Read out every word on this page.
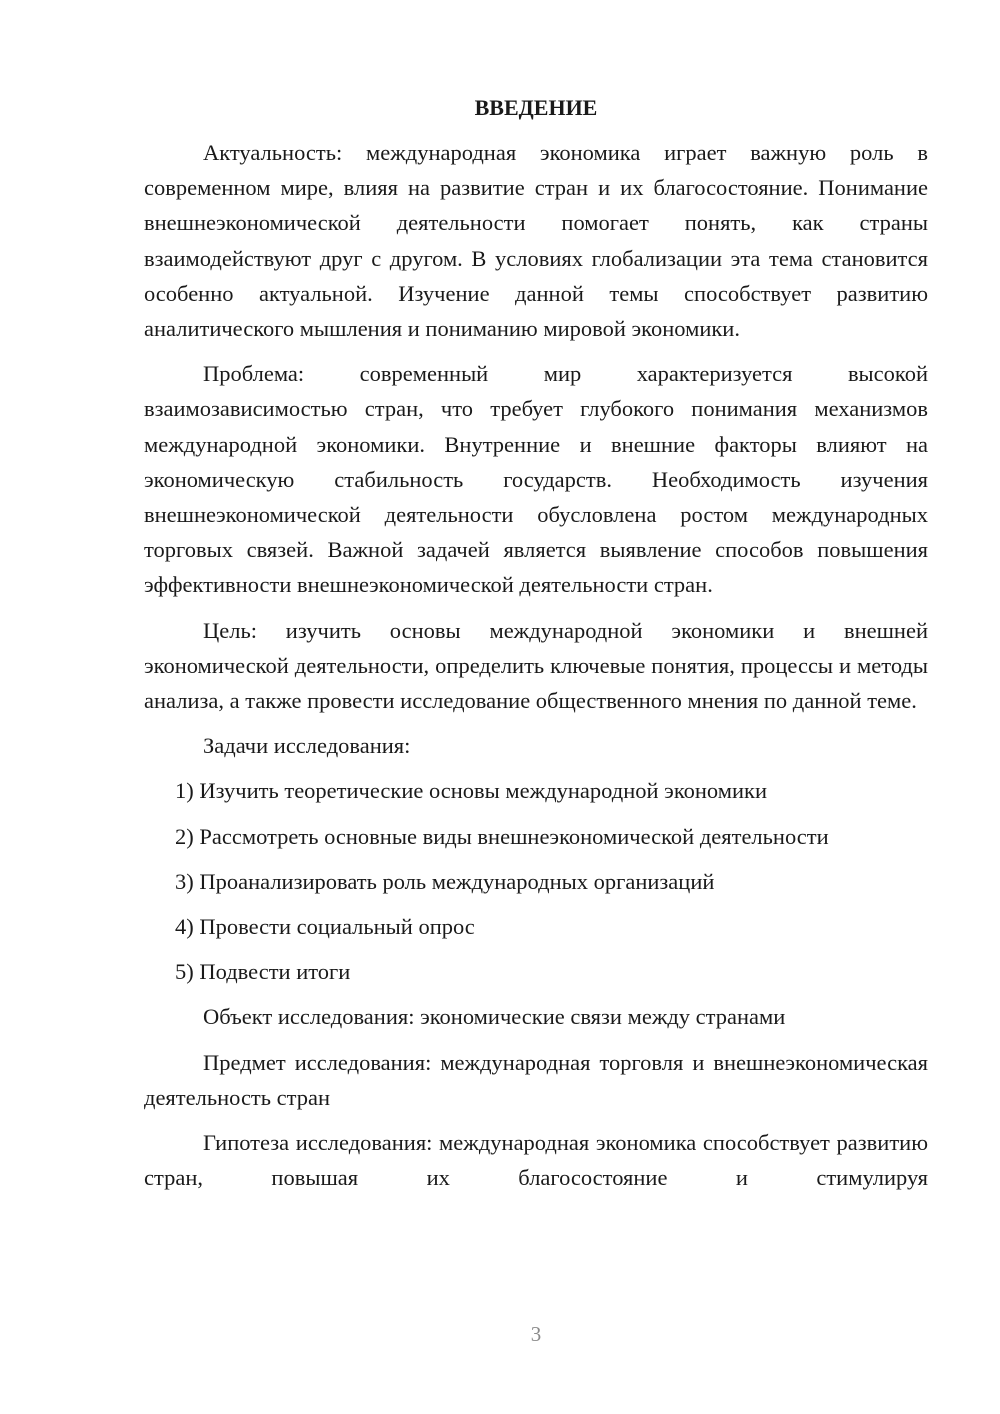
ВВЕДЕНИЕ

Актуальность: международная экономика играет важную роль в современном мире, влияя на развитие стран и их благосостояние. Понимание внешнеэкономической деятельности помогает понять, как страны взаимодействуют друг с другом. В условиях глобализации эта тема становится особенно актуальной. Изучение данной темы способствует развитию аналитического мышления и пониманию мировой экономики.

Проблема: современный мир характеризуется высокой взаимозависимостью стран, что требует глубокого понимания механизмов международной экономики. Внутренние и внешние факторы влияют на экономическую стабильность государств. Необходимость изучения внешнеэкономической деятельности обусловлена ростом международных торговых связей. Важной задачей является выявление способов повышения эффективности внешнеэкономической деятельности стран.

Цель: изучить основы международной экономики и внешней экономической деятельности, определить ключевые понятия, процессы и методы анализа, а также провести исследование общественного мнения по данной теме.

Задачи исследования:

1) Изучить теоретические основы международной экономики

2) Рассмотреть основные виды внешнеэкономической деятельности

3) Проанализировать роль международных организаций

4) Провести социальный опрос

5) Подвести итоги

Объект исследования: экономические связи между странами

Предмет исследования: международная торговля и внешнеэкономическая деятельность стран

Гипотеза исследования: международная экономика способствует развитию стран, повышая их благосостояние и стимулируя

3
